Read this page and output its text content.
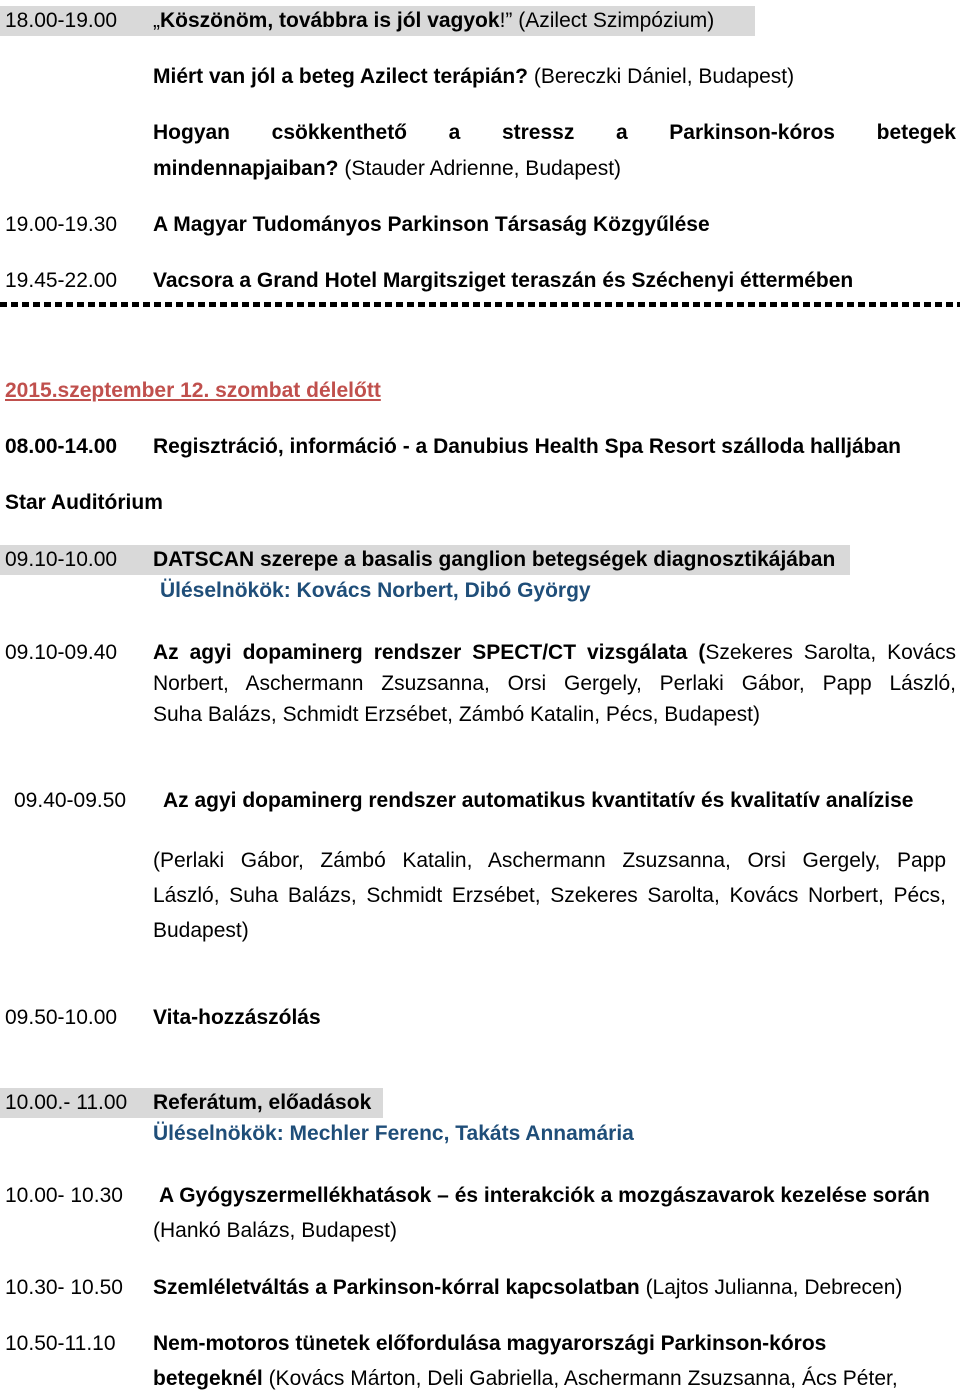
18.00-19.00 „Köszönöm, továbbra is jól vagyok!” (Azilect Szimpózium)
Miért van jól a beteg Azilect terápián? (Bereczki Dániel, Budapest)
Hogyan csökkenthető a stressz a Parkinson-kóros betegek
mindennapjaiban? (Stauder Adrienne, Budapest)
19.00-19.30 A Magyar Tudományos Parkinson Társaság Közgyűlése
19.45-22.00 Vacsora a Grand Hotel Margitsziget teraszán és Széchenyi éttermében
2015.szeptember 12. szombat délelőtt
08.00-14.00 Regisztráció, információ - a Danubius Health Spa Resort szálloda halljában
Star Auditórium
09.10-10.00 DATSCAN szerepe a basalis ganglion betegségek diagnosztikájában
Üléselnökök: Kovács Norbert, Dibó György
09.10-09.40 Az agyi dopaminerg rendszer SPECT/CT vizsgálata (Szekeres Sarolta, Kovács
Norbert, Aschermann Zsuzsanna, Orsi Gergely, Perlaki Gábor, Papp László,
Suha Balázs, Schmidt Erzsébet, Zámbó Katalin, Pécs, Budapest)
09.40-09.50 Az agyi dopaminerg rendszer automatikus kvantitatív és kvalitatív analízise
(Perlaki Gábor, Zámbó Katalin, Aschermann Zsuzsanna, Orsi Gergely, Papp
László, Suha Balázs, Schmidt Erzsébet, Szekeres Sarolta, Kovács Norbert, Pécs,
Budapest)
09.50-10.00 Vita-hozzászólás
10.00.- 11.00 Referátum, előadások
Üléselnökök: Mechler Ferenc, Takáts Annamária
10.00- 10.30 A Gyógyszermellékhatások – és interakciók a mozgászavarok kezelése során
(Hankó Balázs, Budapest)
10.30- 10.50 Szemléletváltás a Parkinson-kórral kapcsolatban (Lajtos Julianna, Debrecen)
10.50-11.10 Nem-motoros tünetek előfordulása magyarországi Parkinson-kóros
betegeknél (Kovács Márton, Deli Gabriella, Aschermann Zsuzsanna, Ács Péter,
